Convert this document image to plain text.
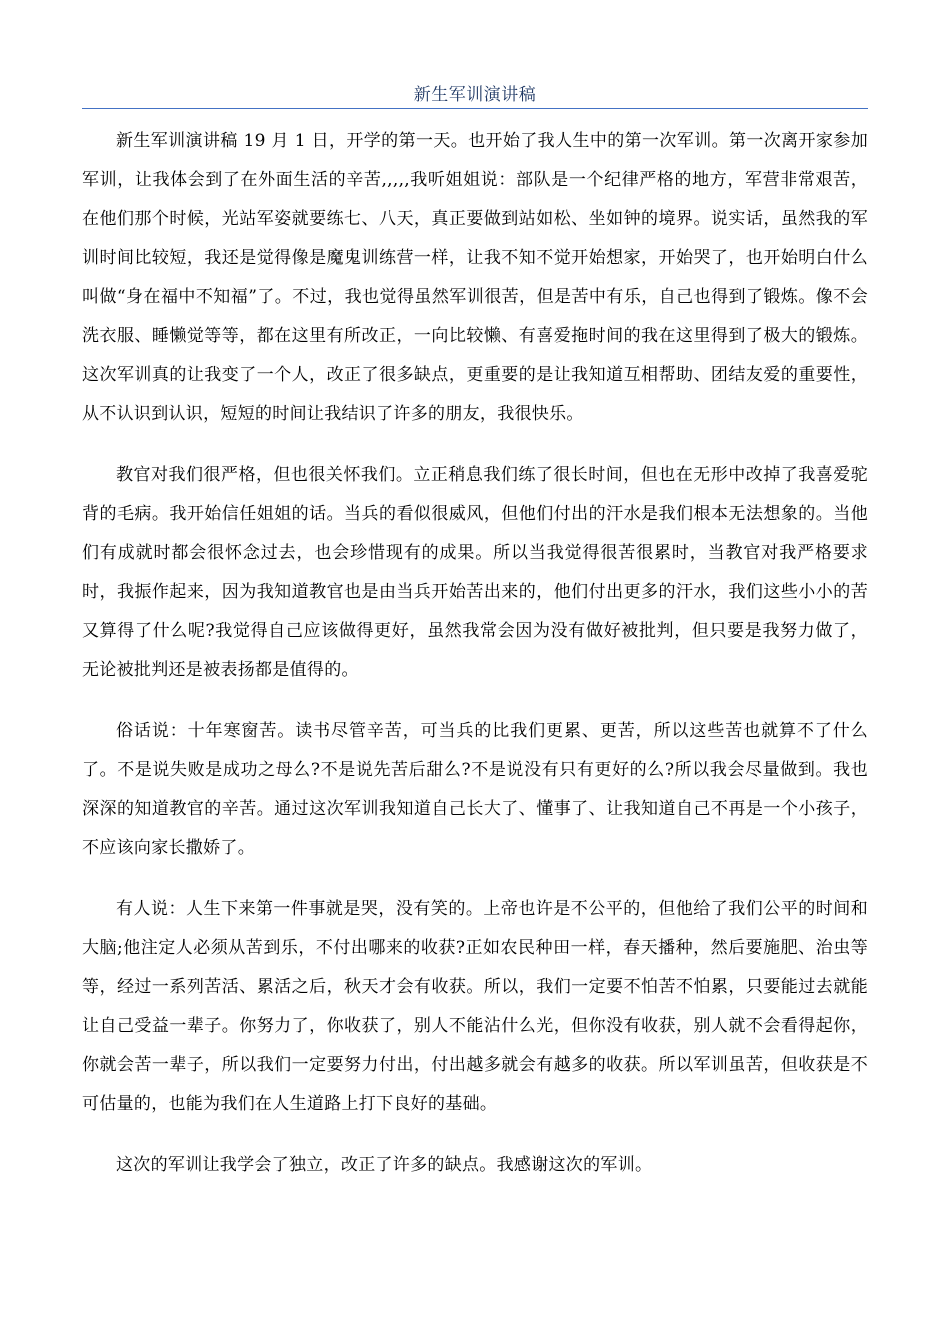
新生军训演讲稿

新生军训演讲稿 19 月 1 日，开学的第一天。也开始了我人生中的第一次军训。第一次离开家参加军训，让我体会到了在外面生活的辛苦,,,,,我听姐姐说：部队是一个纪律严格的地方，军营非常艰苦，在他们那个时候，光站军姿就要练七、八天，真正要做到站如松、坐如钟的境界。说实话，虽然我的军训时间比较短，我还是觉得像是魔鬼训练营一样，让我不知不觉开始想家，开始哭了，也开始明白什么叫做“身在福中不知福”了。不过，我也觉得虽然军训很苦，但是苦中有乐，自己也得到了锻炼。像不会洗衣服、睡懒觉等等，都在这里有所改正，一向比较懒、有喜爱拖时间的我在这里得到了极大的锻炼。这次军训真的让我变了一个人，改正了很多缺点，更重要的是让我知道互相帮助、团结友爱的重要性，从不认识到认识，短短的时间让我结识了许多的朋友，我很快乐。

教官对我们很严格，但也很关怀我们。立正稍息我们练了很长时间，但也在无形中改掉了我喜爱驼背的毛病。我开始信任姐姐的话。当兵的看似很威风，但他们付出的汗水是我们根本无法想象的。当他们有成就时都会很怀念过去，也会珍惜现有的成果。所以当我觉得很苦很累时，当教官对我严格要求时，我振作起来，因为我知道教官也是由当兵开始苦出来的，他们付出更多的汗水，我们这些小小的苦又算得了什么呢?我觉得自己应该做得更好，虽然我常会因为没有做好被批判，但只要是我努力做了，无论被批判还是被表扬都是值得的。

俗话说：十年寒窗苦。读书尽管辛苦，可当兵的比我们更累、更苦，所以这些苦也就算不了什么了。不是说失败是成功之母么?不是说先苦后甜么?不是说没有只有更好的么?所以我会尽量做到。我也深深的知道教官的辛苦。通过这次军训我知道自己长大了、懂事了、让我知道自己不再是一个小孩子，不应该向家长撒娇了。

有人说：人生下来第一件事就是哭，没有笑的。上帝也许是不公平的，但他给了我们公平的时间和大脑;他注定人必须从苦到乐，不付出哪来的收获?正如农民种田一样，春天播种，然后要施肥、治虫等等，经过一系列苦活、累活之后，秋天才会有收获。所以，我们一定要不怕苦不怕累，只要能过去就能让自己受益一辈子。你努力了，你收获了，别人不能沾什么光，但你没有收获，别人就不会看得起你，你就会苦一辈子，所以我们一定要努力付出，付出越多就会有越多的收获。所以军训虽苦，但收获是不可估量的，也能为我们在人生道路上打下良好的基础。

这次的军训让我学会了独立，改正了许多的缺点。我感谢这次的军训。
